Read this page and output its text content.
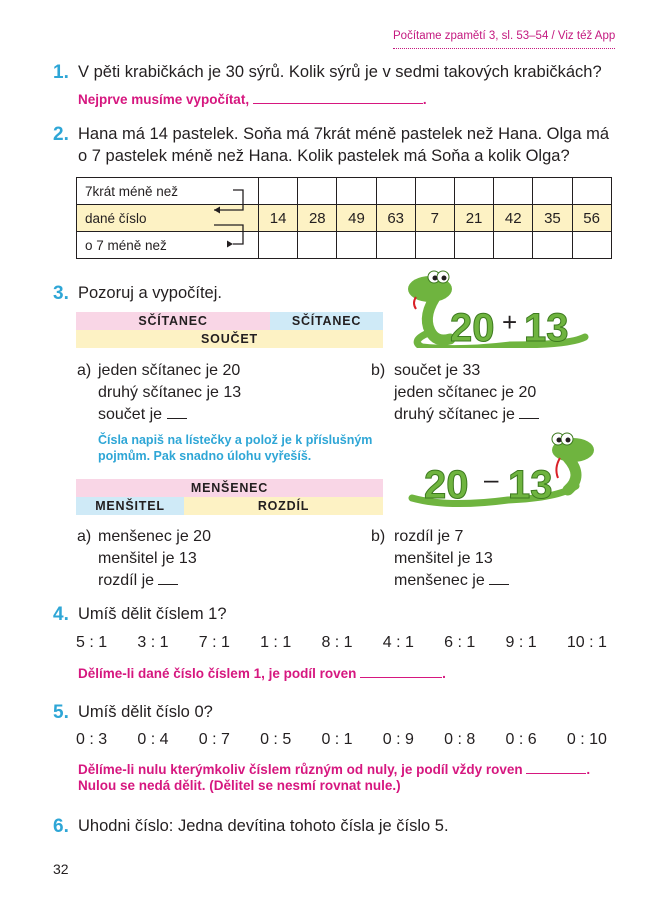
Počítame zpamětí 3, sl. 53–54 / Viz též App
1. V pěti krabičkách je 30 sýrů. Kolik sýrů je v sedmi takových krabičkách?
Nejprve musíme vypočítat,	.
2. Hana má 14 pastelek. Soňa má 7krát méně pastelek než Hana. Olga má
o 7 pastelek méně než Hana. Kolik pastelek má Soňa a kolik Olga?
7krát méně než									
dané číslo	14	28	49	63	7	21	42	35	56
o 7 méně než									
3. Pozoruj a vypočítej.
SČÍTANEC	SČÍTANEC
SOUČET	20 + 13
a) jeden sčítanec je 20
druhý sčítanec je 13
součet je
b) součet je 33
jeden sčítanec je 20
druhý sčítanec je
Čísla napiš na lístečky a polož je k příslušným
pojmům. Pak snadno úlohu vyřešíš.
20 – 13
MENŠENEC
MENŠITEL	ROZDÍL
a) menšenec je 20
menšitel je 13
rozdíl je
b) rozdíl je 7
menšitel je 13
menšenec je
4. Umíš dělit číslem 1?
5 : 1 3 : 1 7 : 1 1 : 1 8 : 1 4 : 1 6 : 1 9 : 1 10 : 1
Dělíme-li dané číslo číslem 1, je podíl roven	.
5. Umíš dělit číslo 0?
0 : 3 0 : 4 0 : 7 0 : 5 0 : 1 0 : 9 0 : 8 0 : 6 0 : 10
Dělíme-li nulu kterýmkoliv číslem různým od nuly, je podíl vždy roven	.
Nulou se nedá dělit. (Dělitel se nesmí rovnat nule.)
6. Uhodni číslo: Jedna devítina tohoto čísla je číslo 5.
32
